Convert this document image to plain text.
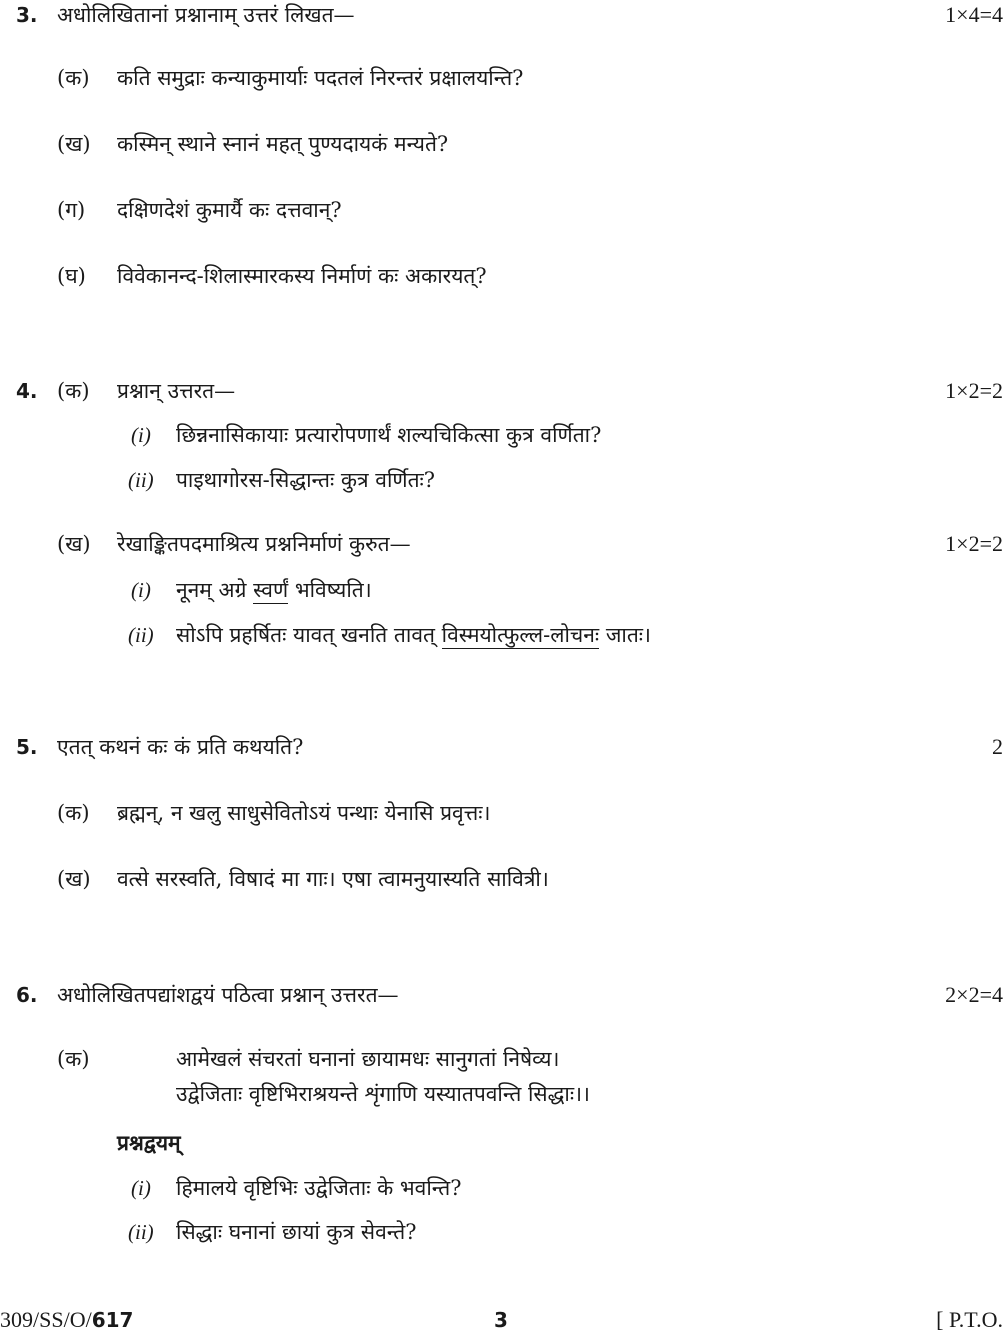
3. अधोलिखितानां प्रश्नानाम् उत्तरं लिखत—	1×4=4
(क) कति समुद्राः कन्याकुमार्याः पदतलं निरन्तरं प्रक्षालयन्ति?
(ख) कस्मिन् स्थाने स्नानं महत् पुण्यदायकं मन्यते?
(ग) दक्षिणदेशं कुमार्यै कः दत्तवान्?
(घ) विवेकानन्द-शिलास्मारकस्य निर्माणं कः अकारयत्?
4. (क) प्रश्नान् उत्तरत—	1×2=2
(i) छिन्ननासिकायाः प्रत्यारोपणार्थं शल्यचिकित्सा कुत्र वर्णिता?
(ii) पाइथागोरस-सिद्धान्तः कुत्र वर्णितः?
(ख) रेखाङ्कितपदमाश्रित्य प्रश्ननिर्माणं कुरुत—	1×2=2
(i) नूनम् अग्रे स्वर्णं भविष्यति।
(ii) सोऽपि प्रहर्षितः यावत् खनति तावत् विस्मयोत्फुल्ल-लोचनः जातः।
5. एतत् कथनं कः कं प्रति कथयति?	2
(क) ब्रह्मन्, न खलु साधुसेवितोऽयं पन्थाः येनासि प्रवृत्तः।
(ख) वत्से सरस्वति, विषादं मा गाः। एषा त्वामनुयास्यति सावित्री।
6. अधोलिखितपद्यांशद्वयं पठित्वा प्रश्नान् उत्तरत—	2×2=4
(क)	आमेखलं संचरतां घनानां छायामधः सानुगतां निषेव्य।
उद्वेजिताः वृष्टिभिराश्रयन्ते शृंगाणि यस्यातपवन्ति सिद्धाः।।
प्रश्नद्वयम्
(i) हिमालये वृष्टिभिः उद्वेजिताः के भवन्ति?
(ii) सिद्धाः घनानां छायां कुत्र सेवन्ते?
309/SS/O/617	3	[ P.T.O.
